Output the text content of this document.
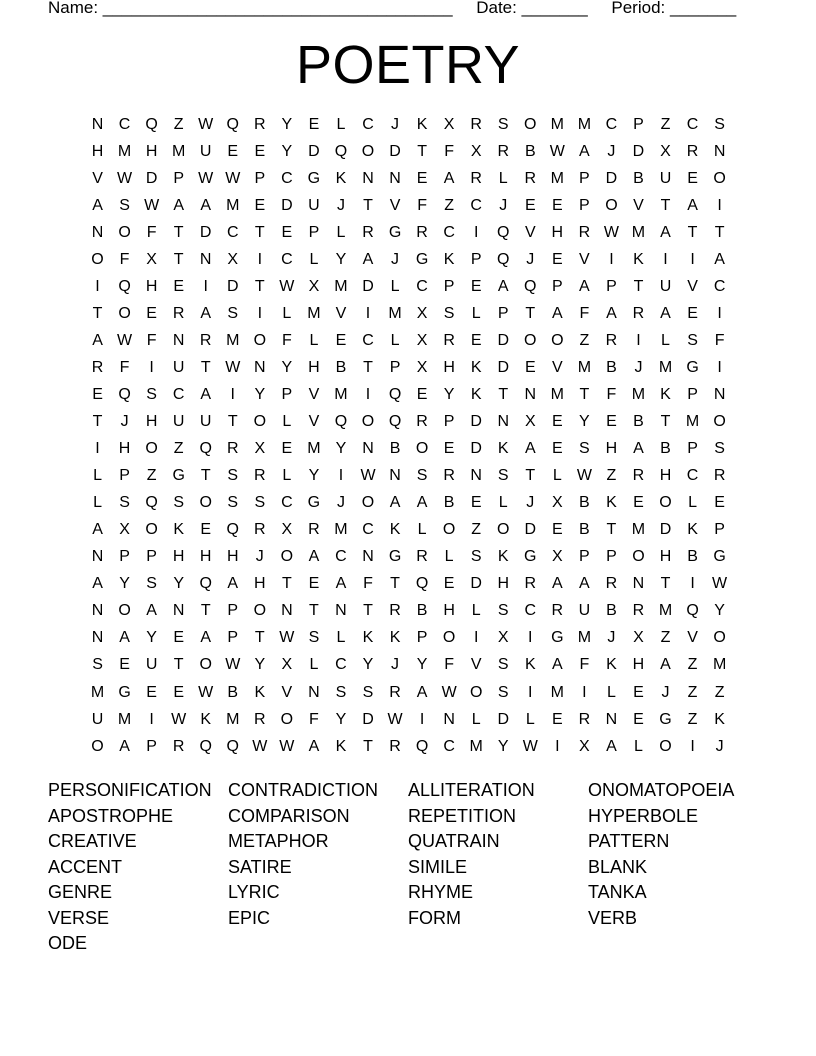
Name: _____________________________________     Date: _______     Period: _______
POETRY
N C Q Z W Q R Y	E	L	C	J	K	X R S O M M C P	Z	C S
H M H M U E	E	Y D Q O D	T	F	X R B W A	J	D X R N
V W D P W W P C G K N N E	A R	L	R M P D B U E O
A	S W A	A M E D U	J	T	V	F	Z	C	J	E	E	P O V	T	A	I
N O F	T	D C	T	E	P	L	R G R C	I	Q V H R W M A	T	T
O F	X	T	N X	I	C	L	Y	A	J	G K	P Q	J	E	V	I	K	I	I	A
I	Q H E	I	D	T W X M D	L	C P	E	A Q P	A	P	T	U V C
T O E R A	S	I	L M V	I	M X	S	L	P	T	A	F	A R A	E	I
A W F	N R M O F	L	E C	L	X R E D O O Z	R	I	L	S	F
R	F	I	U	T W N Y H B	T	P	X H K D E	V M B	J	M G	I
E Q S C A	I	Y	P	V M	I	Q E	Y	K	T	N M T	F M K	P N
T	J	H U U	T O	L	V Q O Q R P D N X	E	Y	E	B	T M O
I	H O Z Q R X	E M Y N B O E D K	A	E	S H A	B	P	S
L	P	Z G T	S R	L	Y	I	W N S R N S	T	L W Z	R H C R
L	S Q S O S	S C G	J	O A	A	B	E	L	J	X	B	K	E O	L	E
A	X O K	E Q R X R M C K	L	O Z O D E	B	T M D K	P
N P	P H H H	J	O A C N G R	L	S	K G X	P	P O H B G
A	Y	S	Y Q A H	T	E	A	F	T Q E D H R A	A R N	T	I	W
N O A N	T	P O N	T	N	T	R B H	L	S C R U B R M Q Y
N A	Y	E	A	P	T W S	L	K	K	P O	I	X	I	G M	J	X	Z	V O
S	E U	T O W Y	X	L	C Y	J	Y	F	V	S	K	A	F	K H A	Z M
M G E	E W B	K	V N S	S R A W O S	I	M	I	L	E	J	Z	Z
U M	I	W K M R O F	Y D W	I	N	L	D	L	E R N E G Z	K
O A	P R Q Q W W A	K	T	R Q C M Y W	I	X	A	L	O	I	J
PERSONIFICATION CONTRADICTION	ALLITERATION	ONOMATOPOEIA
APOSTROPHE	COMPARISON	REPETITION	HYPERBOLE
CREATIVE	METAPHOR	QUATRAIN	PATTERN
ACCENT	SATIRE	SIMILE	BLANK
GENRE	LYRIC	RHYME	TANKA
VERSE	EPIC	FORM	VERB
ODE
